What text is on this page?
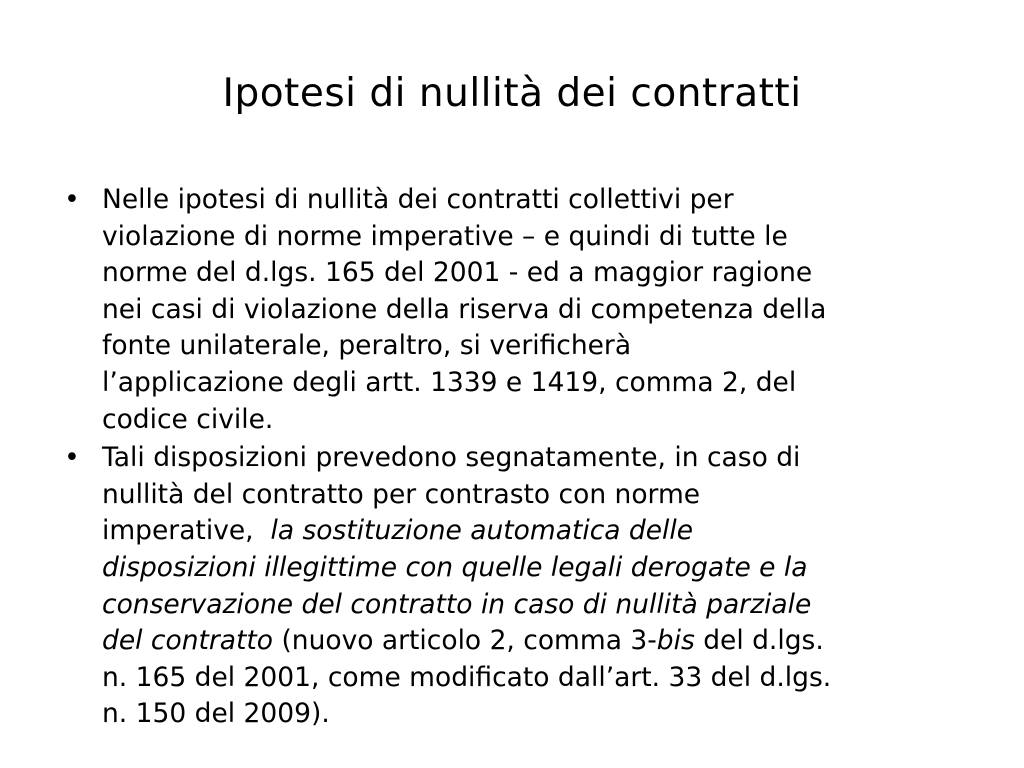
Ipotesi di nullità dei contratti
• Nelle ipotesi di nullità dei contratti collettivi per
violazione di norme imperative – e quindi di tutte le
norme del d.lgs. 165 del 2001 - ed a maggior ragione
nei casi di violazione della riserva di competenza della
fonte unilaterale, peraltro, si verificherà
l’applicazione degli artt. 1339 e 1419, comma 2, del
codice civile.
• Tali disposizioni prevedono segnatamente, in caso di
nullità del contratto per contrasto con norme
imperative,  la sostituzione automatica delle
disposizioni illegittime con quelle legali derogate e la
conservazione del contratto in caso di nullità parziale
del contratto (nuovo articolo 2, comma 3-bis del d.lgs.
n. 165 del 2001, come modificato dall’art. 33 del d.lgs.
n. 150 del 2009).
